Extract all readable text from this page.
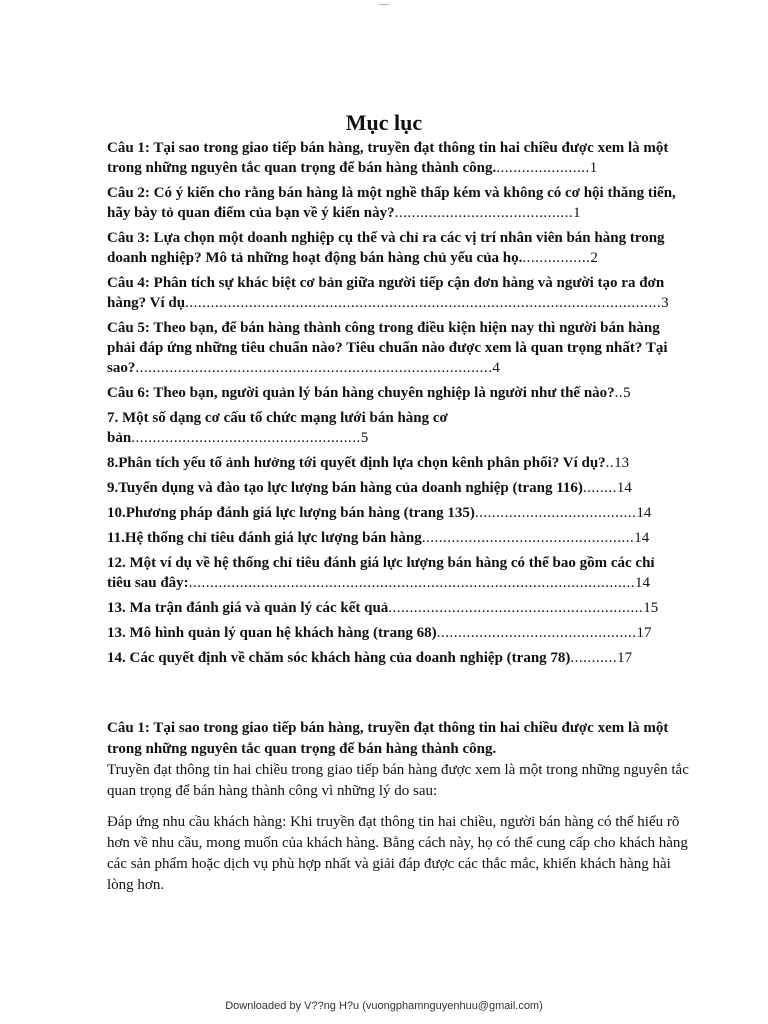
—
Mục lục
Câu 1: Tại sao trong giao tiếp bán hàng, truyền đạt thông tin hai chiều được xem là một trong những nguyên tắc quan trọng để bán hàng thành công.......................1
Câu 2: Có ý kiến cho rằng bán hàng là một nghề thấp kém và không có cơ hội thăng tiến, hãy bày tỏ quan điểm của bạn về ý kiến này?..........................................1
Câu 3: Lựa chọn một doanh nghiệp cụ thể và chỉ ra các vị trí nhân viên bán hàng trong doanh nghiệp? Mô tả những hoạt động bán hàng chủ yếu của họ.................2
Câu 4: Phân tích sự khác biệt cơ bản giữa người tiếp cận đơn hàng và người tạo ra đơn hàng? Ví dụ................................................................................................................3
Câu 5: Theo bạn, để bán hàng thành công trong điều kiện hiện nay thì người bán hàng phải đáp ứng những tiêu chuẩn nào? Tiêu chuẩn nào được xem là quan trọng nhất? Tại sao?....................................................................................4
Câu 6: Theo bạn, người quản lý bán hàng chuyên nghiệp là người như thế nào?..5
7. Một số dạng cơ cấu tổ chức mạng lưới bán hàng cơ bản......................................................5
8.Phân tích yếu tố ảnh hưởng tới quyết định lựa chọn kênh phân phối? Ví dụ?..13
9.Tuyển dụng và đào tạo lực lượng bán hàng của doanh nghiệp (trang 116)........14
10.Phương pháp đánh giá lực lượng bán hàng (trang 135)......................................14
11.Hệ thống chỉ tiêu đánh giá lực lượng bán hàng..................................................14
12. Một ví dụ về hệ thống chỉ tiêu đánh giá lực lượng bán hàng có thể bao gồm các chỉ tiêu sau đây:.........................................................................................................14
13. Ma trận đánh giá và quản lý các kết quả............................................................15
13. Mô hình quản lý quan hệ khách hàng (trang 68)...............................................17
14. Các quyết định về chăm sóc khách hàng của doanh nghiệp (trang 78)...........17

Câu 1: Tại sao trong giao tiếp bán hàng, truyền đạt thông tin hai chiều được xem là một trong những nguyên tắc quan trọng để bán hàng thành công.

Truyền đạt thông tin hai chiều trong giao tiếp bán hàng được xem là một trong những nguyên tắc quan trọng để bán hàng thành công vì những lý do sau:

Đáp ứng nhu cầu khách hàng: Khi truyền đạt thông tin hai chiều, người bán hàng có thể hiểu rõ hơn về nhu cầu, mong muốn của khách hàng. Bằng cách này, họ có thể cung cấp cho khách hàng các sản phẩm hoặc dịch vụ phù hợp nhất và giải đáp được các thắc mắc, khiến khách hàng hài lòng hơn.

Downloaded by V??ng H?u (vuongphamnguyenhuu@gmail.com)
